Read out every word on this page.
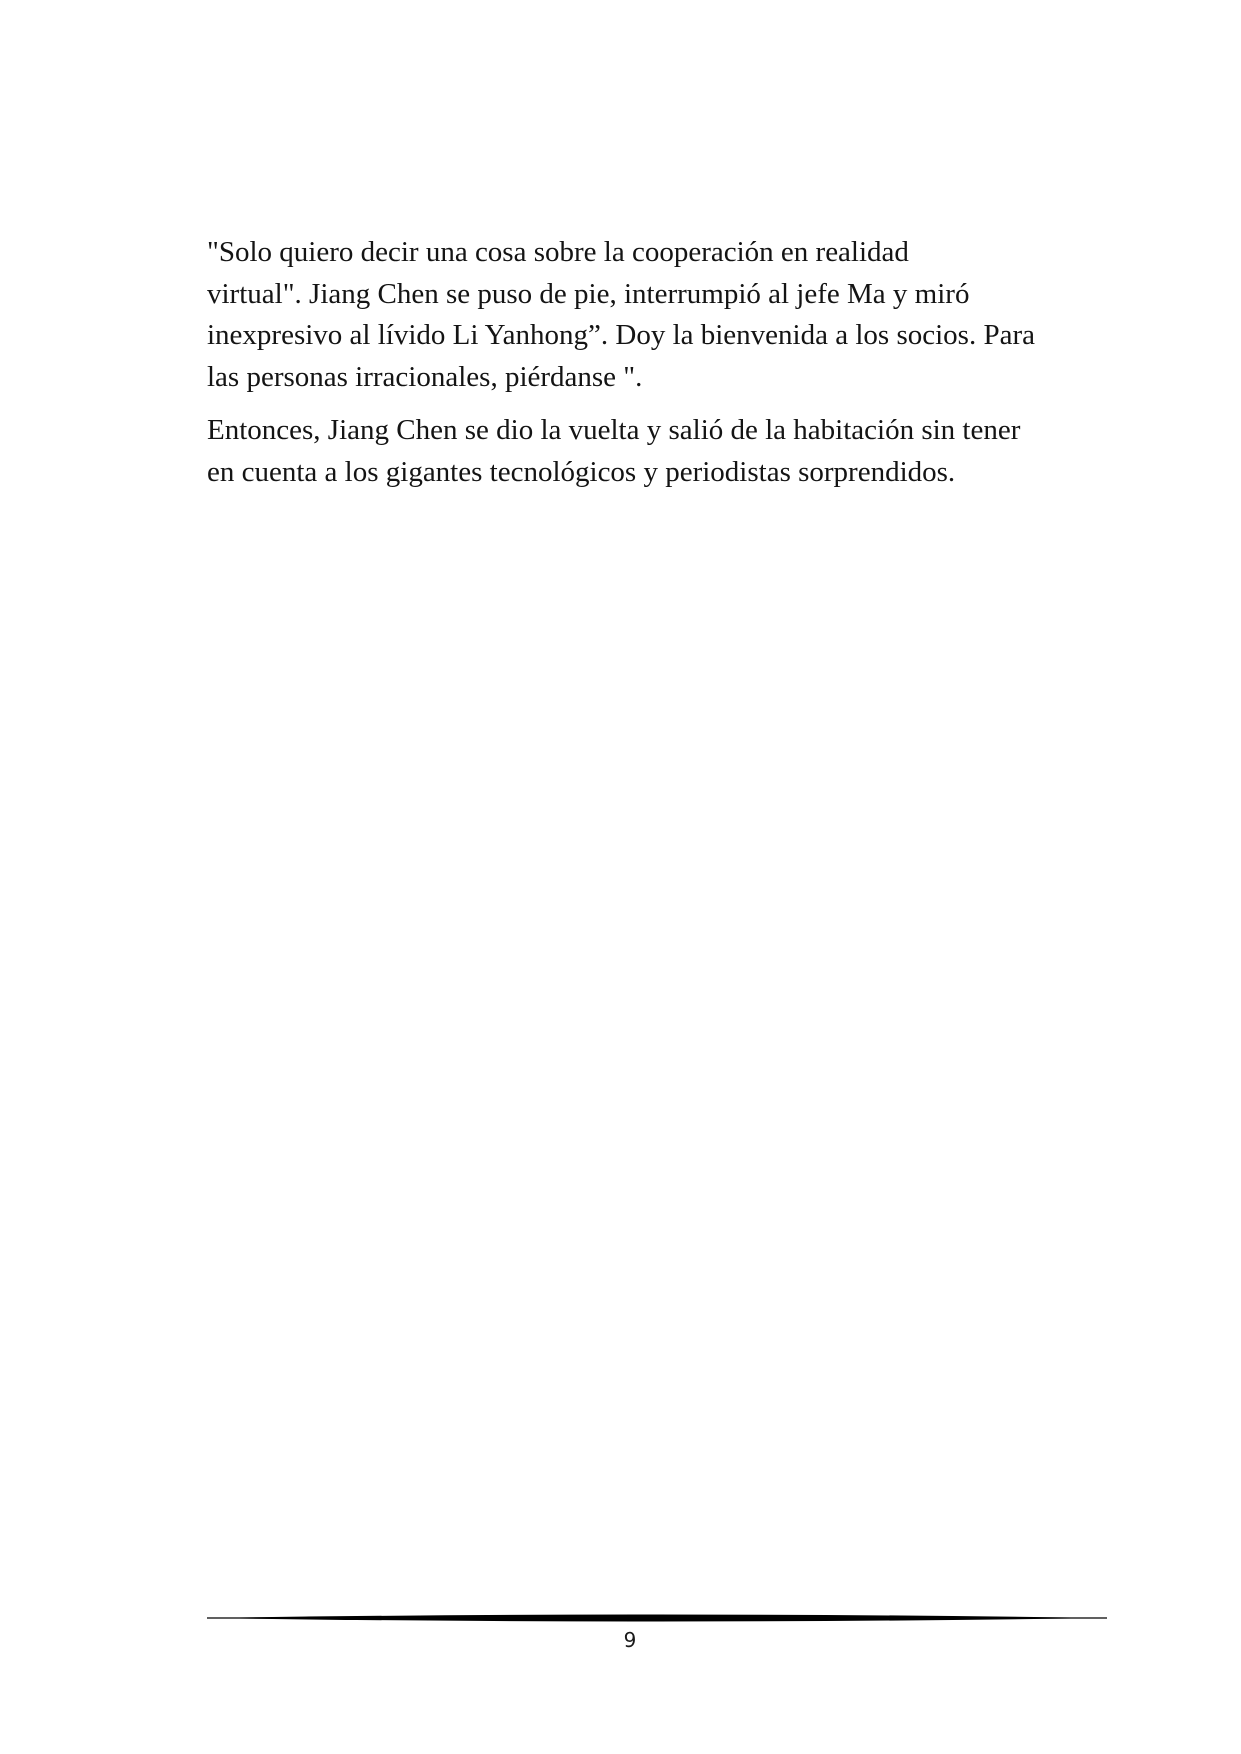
"Solo quiero decir una cosa sobre la cooperación en realidad
virtual". Jiang Chen se puso de pie, interrumpió al jefe Ma y miró
inexpresivo al lívido Li Yanhong”. Doy la bienvenida a los socios. Para
las personas irracionales, piérdanse ".

Entonces, Jiang Chen se dio la vuelta y salió de la habitación sin tener
en cuenta a los gigantes tecnológicos y periodistas sorprendidos.

9
